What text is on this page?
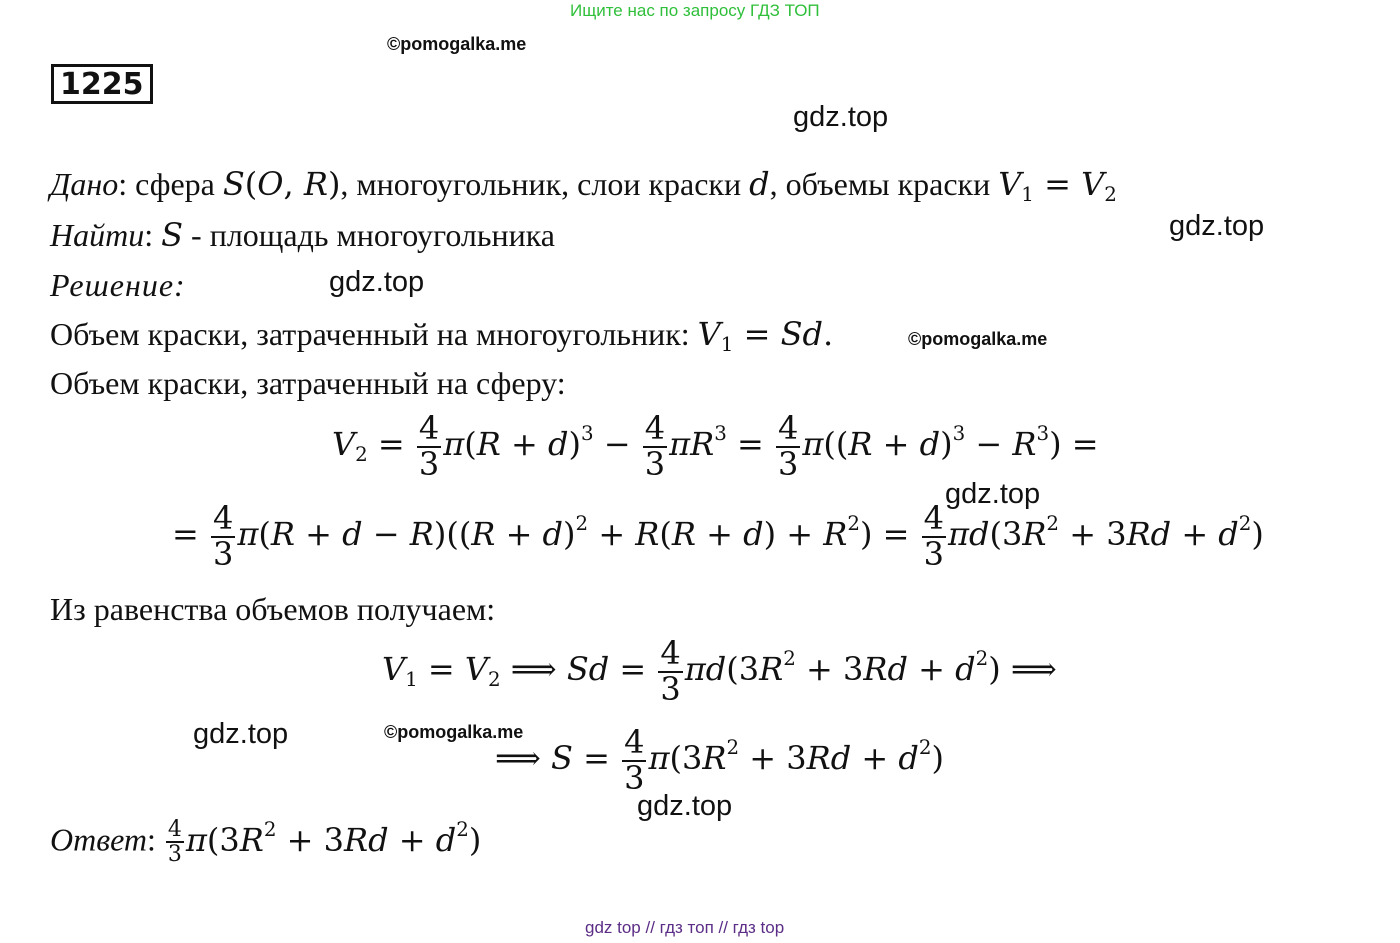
Ищите нас по запросу ГДЗ ТОП
©pomogalka.me
gdz.top
gdz.top
gdz.top
©pomogalka.me
gdz.top
gdz.top	©pomogalka.me
gdz.top
1225
Дано: сфера S(O, R), многоугольник, слои краски d, объемы краски $V_1 = V_2$
Найти: S - площадь многоугольника
Решение:
Объем краски, затраченный на многоугольник: $V_1 = Sd$.
Объем краски, затраченный на сферу:
$V_2 = \frac{4}{3} \pi(R + d)^3 - \frac{4}{3} \pi R^3 = \frac{4}{3} \pi((R + d)^3 - R^3)$ =
= $\frac{4}{3} \pi(R + d - R)((R + d)^2 + R(R + d) + R^2) = \frac{4}{3} \pi d(3R^2 + 3Rd + d^2)$
Из равенства объемов получаем:
$V_1 = V_2$ ⟹ $Sd = \frac{4}{3} \pi d(3R^2 + 3Rd + d^2)$ ⟹
⟹ $S = \frac{4}{3} \pi(3R^2 + 3Rd + d^2)$
Ответ: $\frac{4}{3} \pi(3R^2 + 3Rd + d^2)$
gdz top // гдз топ // гдз top
